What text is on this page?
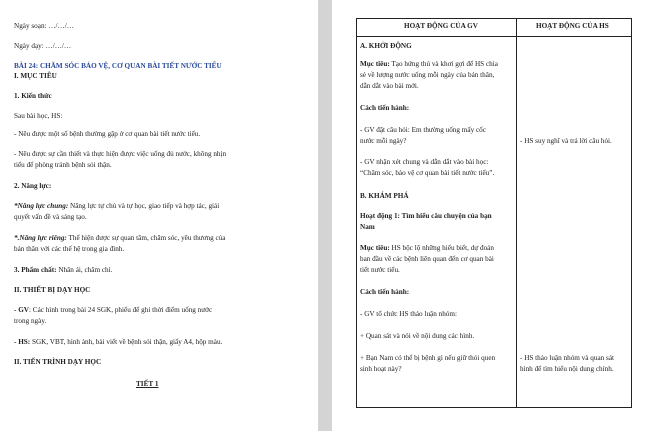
Ngày soạn: …/…/…
Ngày dạy: …/…/…
BÀI 24: CHĂM SÓC BẢO VỆ, CƠ QUAN BÀI TIẾT NƯỚC TIỂU
I. MỤC TIÊU
1. Kiến thức
Sau bài học, HS:
- Nêu được một số bệnh thường gặp ở cơ quan bài tiết nước tiểu.
- Nêu được sự cần thiết và thực hiện được việc uống đủ nước, không nhịn
tiểu để phòng tránh bệnh sỏi thận.
2. Năng lực:
*Năng lực chung: Năng lực tự chủ và tự học, giao tiếp và hợp tác, giải
quyết vấn đề và sáng tạo.
*.Năng lực riêng: Thể hiện được sự quan tâm, chăm sóc, yêu thương của
bản thân với các thế hệ trong gia đình.
3. Phẩm chất: Nhân ái, chăm chỉ.
II. THIẾT BỊ DẠY HỌC
- GV: Các hình trong bài 24 SGK, phiếu để ghi thời điểm uống nước
trong ngày.
- HS: SGK, VBT, hình ảnh, bài viết về bệnh sỏi thận, giấy A4, hộp màu.
II. TIẾN TRÌNH DẠY HỌC
TIẾT 1
HOẠT ĐỘNG CỦA GV	HOẠT ĐỘNG CỦA HS
A. KHỞI ĐỘNG
Mục tiêu: Tạo hứng thú và khơi gợi để HS chia
sẻ về lượng nước uống mỗi ngày của bản thân,
dẫn dắt vào bài mới.
Cách tiến hành:
- GV đặt câu hỏi: Em thường uống mấy cốc
nước mỗi ngày?	- HS suy nghĩ và trả lời câu hỏi.
- GV nhận xét chung và dẫn dắt vào bài học:
“Chăm sóc, bảo vệ cơ quan bài tiết nước tiểu”.
B. KHÁM PHÁ
Hoạt động 1: Tìm hiểu câu chuyện của bạn
Nam
Mục tiêu: HS bộc lộ những hiểu biết, dự đoán
ban đầu về các bệnh liên quan đến cơ quan bài
tiết nước tiểu.
Cách tiến hành:
- GV tổ chức HS thảo luận nhóm:
+ Quan sát và nói về nội dung các hình.
+ Bạn Nam có thể bị bệnh gì nếu giữ thói quen
sinh hoạt này?
- HS thảo luận nhóm và quan sát
hình để tìm hiểu nội dung chính.
